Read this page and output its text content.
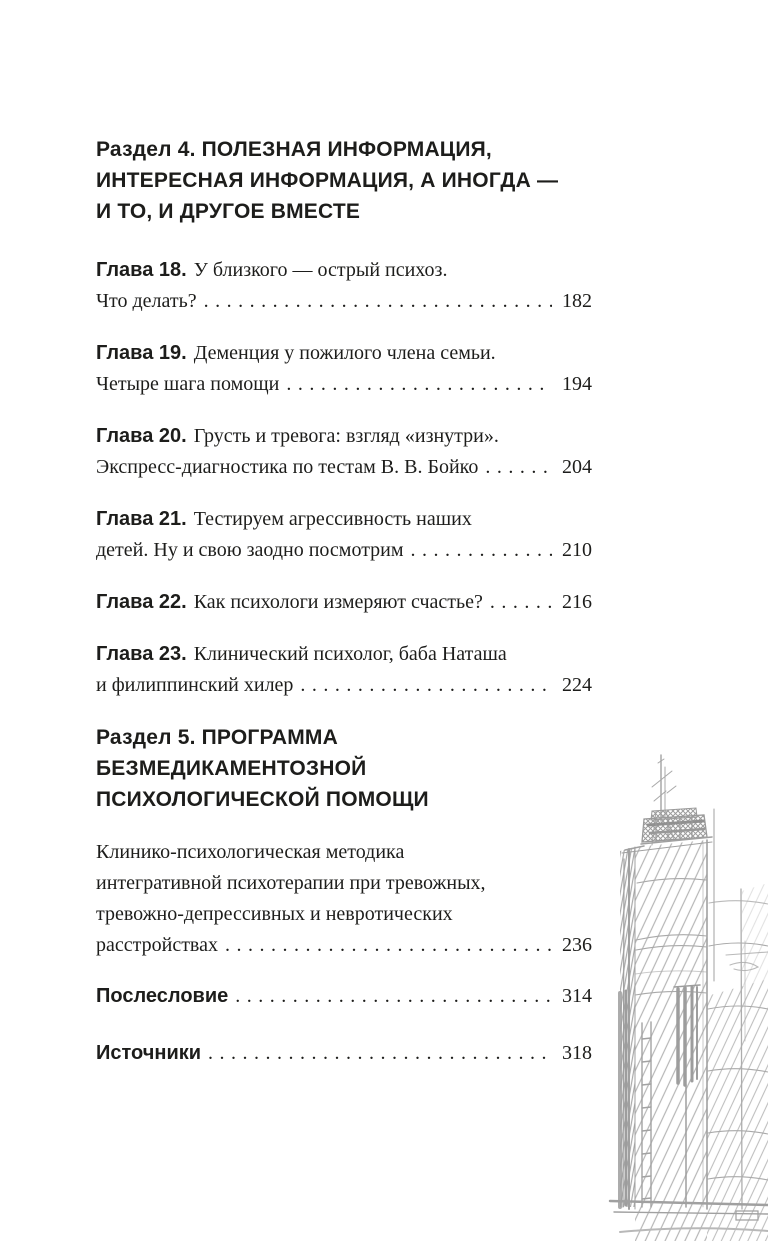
Раздел 4. ПОЛЕЗНАЯ ИНФОРМАЦИЯ,
ИНТЕРЕСНАЯ ИНФОРМАЦИЯ, А ИНОГДА —
И ТО, И ДРУГОЕ ВМЕСТЕ
Глава 18. У близкого — острый психоз.
Что делать? .....	182
Глава 19. Деменция у пожилого члена семьи.
Четыре шага помощи .....	194
Глава 20. Грусть и тревога: взгляд «изнутри».
Экспресс-диагностика по тестам В. В. Бойко .....	204
Глава 21. Тестируем агрессивность наших
детей. Ну и свою заодно посмотрим .....	210
Глава 22. Как психологи измеряют счастье? .....	216
Глава 23. Клинический психолог, баба Наташа
и филиппинский хилер .....	224
Раздел 5. ПРОГРАММА
БЕЗМЕДИКАМЕНТОЗНОЙ
ПСИХОЛОГИЧЕСКОЙ ПОМОЩИ
Клинико-психологическая методика
интегративной психотерапии при тревожных,
тревожно-депрессивных и невротических
расстройствах .....	236
Послесловие .....	314
Источники .....	318
